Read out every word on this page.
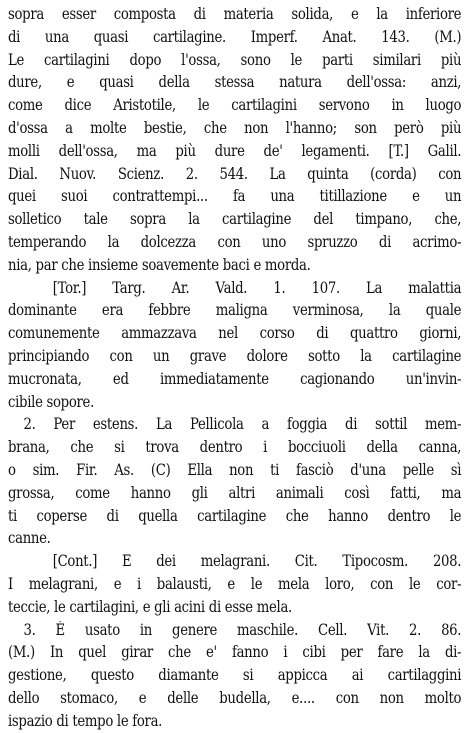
sopra esser composta di materia solida, e la inferiore
di una quasi cartilagine. Imperf. Anat. 143. (M.)
Le cartilagini dopo l'ossa, sono le parti similari più
dure, e quasi della stessa natura dell'ossa: anzi,
come dice Aristotile, le cartilagini servono in luogo
d'ossa a molte bestie, che non l'hanno; son però più
molli dell'ossa, ma più dure de' legamenti. [T.] Galil.
Dial. Nuov. Scienz. 2. 544. La quinta (corda) con
quei suoi contrattempi... fa una titillazione e un
solletico tale sopra la cartilagine del timpano, che,
temperando la dolcezza con uno spruzzo di acrimo-
nia, par che insieme soavemente baci e morda.
[Tor.] Targ. Ar. Vald. 1. 107. La malattia
dominante era febbre maligna verminosa, la quale
comunemente ammazzava nel corso di quattro giorni,
principiando con un grave dolore sotto la cartilagine
mucronata, ed immediatamente cagionando un'invin-
cibile sopore.
2. Per estens. La Pellicola a foggia di sottil mem-
brana, che si trova dentro i bocciuoli della canna,
o sim. Fir. As. (C) Ella non ti fasciò d'una pelle sì
grossa, come hanno gli altri animali così fatti, ma
ti coperse di quella cartilagine che hanno dentro le
canne.
[Cont.] E dei melagrani. Cit. Tipocosm. 208.
I melagrani, e i balausti, e le mela loro, con le cor-
teccie, le cartilagini, e gli acini di esse mela.
3. È usato in genere maschile. Cell. Vit. 2. 86.
(M.) In quel girar che e' fanno i cibi per fare la di-
gestione, questo diamante si appicca ai cartilaggini
dello stomaco, e delle budella, e.... con non molto
ispazio di tempo le fora.
